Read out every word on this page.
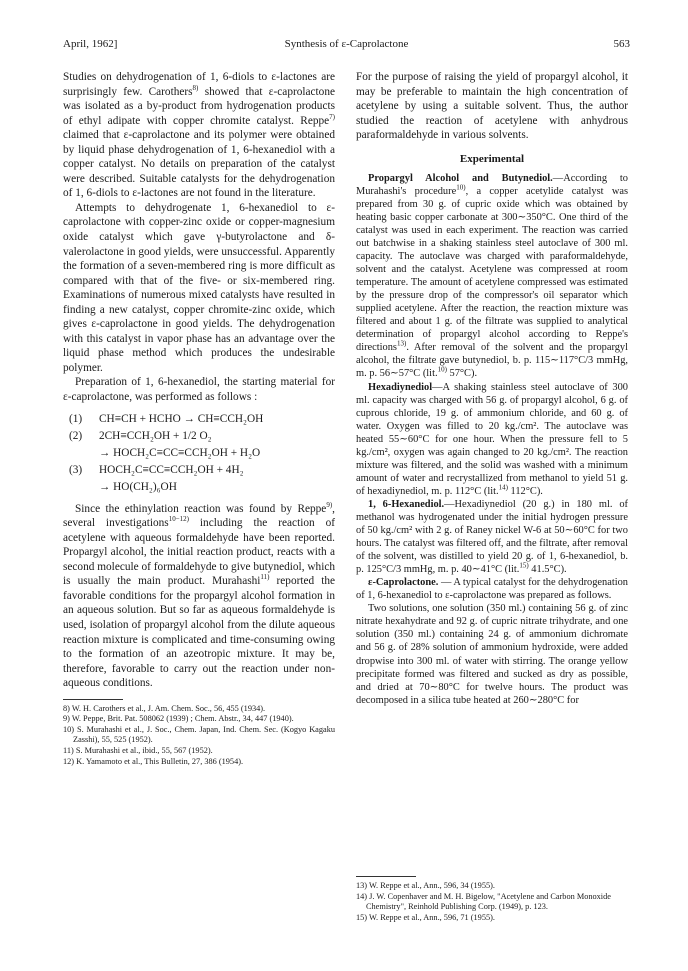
April, 1962]	Synthesis of ε-Caprolactone	563

Studies on dehydrogenation of 1, 6-diols to ε-lactones are surprisingly few. Carothers$^{8)}$ showed that ε-caprolactone was isolated as a by-product from hydrogenation products of ethyl adipate with copper chromite catalyst. Reppe$^{7)}$ claimed that ε-caprolactone and its polymer were obtained by liquid phase dehydrogenation of 1, 6-hexanediol with a copper catalyst. No details on preparation of the catalyst were described. Suitable catalysts for the dehydrogenation of 1, 6-diols to ε-lactones are not found in the literature.

Attempts to dehydrogenate 1, 6-hexanediol to ε-caprolactone with copper-zinc oxide or copper-magnesium oxide catalyst which gave γ-butyrolactone and δ-valerolactone in good yields, were unsuccessful. Apparently the formation of a seven-membered ring is more difficult as compared with that of the five- or six-membered ring. Examinations of numerous mixed catalysts have resulted in finding a new catalyst, copper chromite-zinc oxide, which gives ε-caprolactone in good yields. The dehydrogenation with this catalyst in vapor phase has an advantage over the liquid phase method which produces the undesirable polymer.

Preparation of 1, 6-hexanediol, the starting material for ε-caprolactone, was performed as follows :

(1)	CH≡CH + HCHO → CH≡CCH₂OH
(2)	2CH≡CCH₂OH + 1/2 O₂
→ HOCH₂C≡CC≡CCH₂OH + H₂O
(3)	HOCH₂C≡CC≡CCH₂OH + 4H₂
→ HO(CH₂)₆OH

Since the ethinylation reaction was found by Reppe$^{9)}$, several investigations$^{10-12)}$ including the reaction of acetylene with aqueous formaldehyde have been reported. Propargyl alcohol, the initial reaction product, reacts with a second molecule of formaldehyde to give butynediol, which is usually the main product. Murahashi$^{11)}$ reported the favorable conditions for the propargyl alcohol formation in an aqueous solution. But so far as aqueous formaldehyde is used, isolation of propargyl alcohol from the dilute aqueous reaction mixture is complicated and time-consuming owing to the formation of an azeotropic mixture. It may be, therefore, favorable to carry out the reaction under non-aqueous conditions.

8) W. H. Carothers et al., J. Am. Chem. Soc., 56, 455 (1934).

9) W. Peppe, Brit. Pat. 508062 (1939) ; Chem. Abstr., 34, 447 (1940).

10) S. Murahashi et al., J. Soc., Chem. Japan, Ind. Chem. Sec. (Kogyo Kagaku Zasshi), 55, 525 (1952).

11) S. Murahashi et al., ibid., 55, 567 (1952).

12) K. Yamamoto et al., This Bulletin, 27, 386 (1954).

For the purpose of raising the yield of propargyl alcohol, it may be preferable to maintain the high concentration of acetylene by using a suitable solvent. Thus, the author studied the reaction of acetylene with anhydrous paraformaldehyde in various solvents.

Experimental

Propargyl Alcohol and Butynediol.—According to Murahashi's procedure$^{10)}$, a copper acetylide catalyst was prepared from 30 g. of cupric oxide which was obtained by heating basic copper carbonate at 300∼350°C. One third of the catalyst was used in each experiment. The reaction was carried out batchwise in a shaking stainless steel autoclave of 300 ml. capacity. The autoclave was charged with paraformaldehyde, solvent and the catalyst. Acetylene was compressed at room temperature. The amount of acetylene compressed was estimated by the pressure drop of the compressor's oil separator which supplied acetylene. After the reaction, the reaction mixture was filtered and about 1 g. of the filtrate was supplied to analytical determination of propargyl alcohol according to Reppe's directions$^{13)}$. After removal of the solvent and the propargyl alcohol, the filtrate gave butynediol, b. p. 115∼117°C/3 mmHg, m. p. 56∼57°C (lit.$^{10)}$ 57°C).

Hexadiynediol—A shaking stainless steel autoclave of 300 ml. capacity was charged with 56 g. of propargyl alcohol, 6 g. of cuprous chloride, 19 g. of ammonium chloride, and 60 g. of water. Oxygen was filled to 20 kg./cm². The autoclave was heated 55∼60°C for one hour. When the pressure fell to 5 kg./cm², oxygen was again changed to 20 kg./cm². The reaction mixture was filtered, and the solid was washed with a minimum amount of water and recrystallized from methanol to yield 51 g. of hexadiynediol, m. p. 112°C (lit.$^{14)}$ 112°C).

1, 6-Hexanediol.—Hexadiynediol (20 g.) in 180 ml. of methanol was hydrogenated under the initial hydrogen pressure of 50 kg./cm² with 2 g. of Raney nickel W-6 at 50∼60°C for two hours. The catalyst was filtered off, and the filtrate, after removal of the solvent, was distilled to yield 20 g. of 1, 6-hexanediol, b. p. 125°C/3 mmHg, m. p. 40∼41°C (lit.$^{15)}$ 41.5°C).

ε-Caprolactone. — A typical catalyst for the dehydrogenation of 1, 6-hexanediol to ε-caprolactone was prepared as follows.

Two solutions, one solution (350 ml.) containing 56 g. of zinc nitrate hexahydrate and 92 g. of cupric nitrate trihydrate, and one solution (350 ml.) containing 24 g. of ammonium dichromate and 56 g. of 28% solution of ammonium hydroxide, were added dropwise into 300 ml. of water with stirring. The orange yellow precipitate formed was filtered and sucked as dry as possible, and dried at 70∼80°C for twelve hours. The product was decomposed in a silica tube heated at 260∼280°C for

13) W. Reppe et al., Ann., 596, 34 (1955).

14) J. W. Copenhaver and M. H. Bigelow, "Acetylene and Carbon Monoxide Chemistry", Reinhold Publishing Corp. (1949), p. 123.

15) W. Reppe et al., Ann., 596, 71 (1955).
